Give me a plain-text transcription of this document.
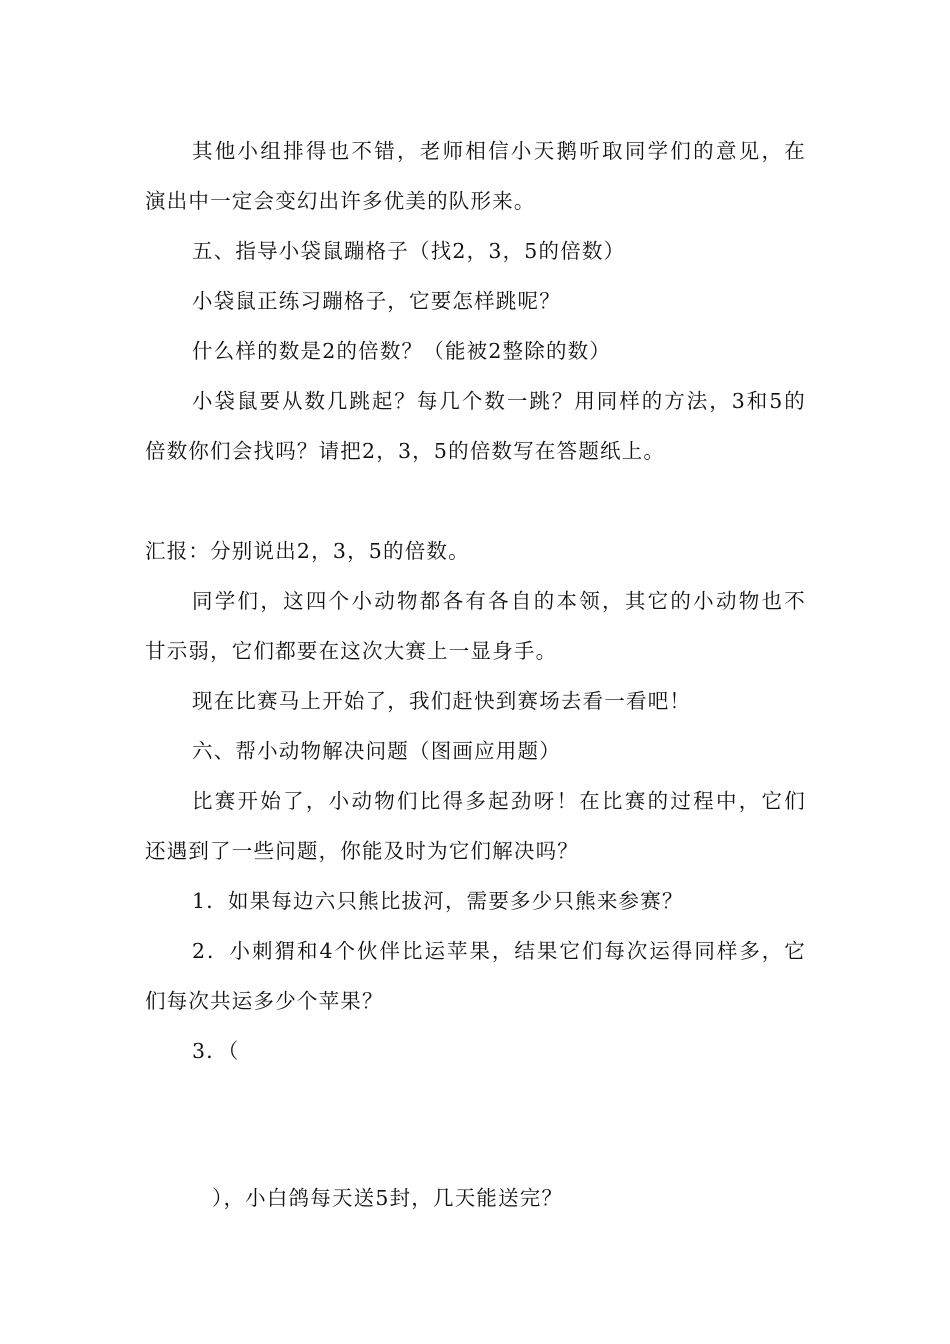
其他小组排得也不错，老师相信小天鹅听取同学们的意见，在
演出中一定会变幻出许多优美的队形来。
五、指导小袋鼠蹦格子（找2，3，5的倍数）
小袋鼠正练习蹦格子，它要怎样跳呢？
什么样的数是2的倍数？（能被2整除的数）
小袋鼠要从数几跳起？每几个数一跳？用同样的方法，3和5的
倍数你们会找吗？请把2，3，5的倍数写在答题纸上。
汇报：分别说出2，3，5的倍数。
同学们，这四个小动物都各有各自的本领，其它的小动物也不
甘示弱，它们都要在这次大赛上一显身手。
现在比赛马上开始了，我们赶快到赛场去看一看吧！
六、帮小动物解决问题（图画应用题）
比赛开始了，小动物们比得多起劲呀！在比赛的过程中，它们
还遇到了一些问题，你能及时为它们解决吗？
1．如果每边六只熊比拔河，需要多少只熊来参赛？
2．小刺猬和4个伙伴比运苹果，结果它们每次运得同样多，它
们每次共运多少个苹果？
3．（
），小白鸽每天送5封，几天能送完？
